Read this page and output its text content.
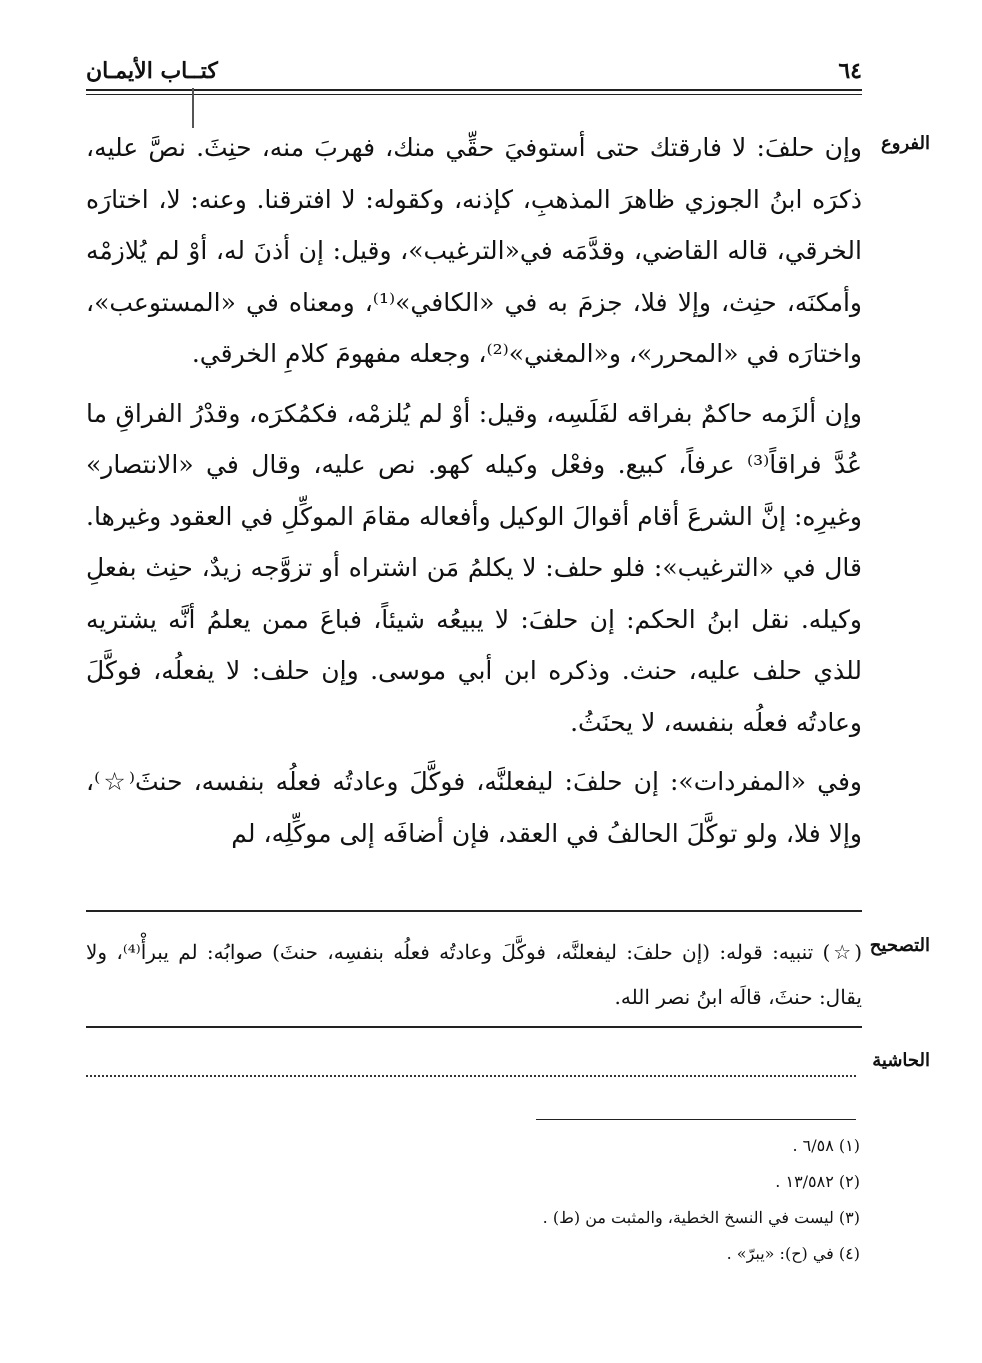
٦٤
كتــاب الأيمـان
الفروع

وإن حلفَ: لا فارقتك حتى أستوفيَ حقِّي منك، فهربَ منه، حنِثَ. نصَّ عليه، ذكرَه ابنُ الجوزي ظاهرَ المذهبِ، كإذنه، وكقوله: لا افترقنا. وعنه: لا، اختارَه الخرقي، قاله القاضي، وقدَّمَه في«الترغيب»، وقيل: إن أذنَ له، أوْ لم يُلازمْه وأمكنَه، حنِث، وإلا فلا، جزمَ به في «الكافي»⁽¹⁾، ومعناه في «المستوعب»، واختارَه في «المحرر»، و«المغني»⁽²⁾، وجعله مفهومَ كلامِ الخرقي.

وإن ألزَمه حاكمٌ بفراقه لفَلَسِه، وقيل: أوْ لم يُلزمْه، فكمُكرَه، وقدْرُ الفراقِ ما عُدَّ فراقاً⁽³⁾ عرفاً، كبيع. وفعْل وكيله كهو. نص عليه، وقال في «الانتصار» وغيرِه: إنَّ الشرعَ أقام أقوالَ الوكيل وأفعاله مقامَ الموكِّلِ في العقود وغيرها. قال في «الترغيب»: فلو حلف: لا يكلمُ مَن اشتراه أو تزوَّجه زيدٌ، حنِث بفعلِ وكيله. نقل ابنُ الحكم: إن حلفَ: لا يبيعُه شيئاً، فباعَ ممن يعلمُ أنَّه يشتريه للذي حلف عليه، حنث. وذكره ابن أبي موسى. وإن حلف: لا يفعلُه، فوكَّلَ وعادتُه فعلُه بنفسه، لا يحنَثُ.

وفي «المفردات»: إن حلفَ: ليفعلنَّه، فوكَّلَ وعادتُه فعلُه بنفسه، حنثَ⁽☆⁾، وإلا فلا، ولو توكَّلَ الحالفُ في العقد، فإن أضافَه إلى موكِّلِه، لم

التصحيح
(☆) تنبيه: قوله: (إن حلفَ: ليفعلنَّه، فوكَّلَ وعادتُه فعلُه بنفسِه، حنثَ) صوابُه: لم يبرأْ⁽⁴⁾، ولا يقال: حنثَ، قالَه ابنُ نصر الله.
الحاشية
(١) ٦/٥٨ .
(٢) ١٣/٥٨٢ .
(٣) ليست في النسخ الخطية، والمثبت من (ط) .
(٤) في (ح): «يبرّ» .
